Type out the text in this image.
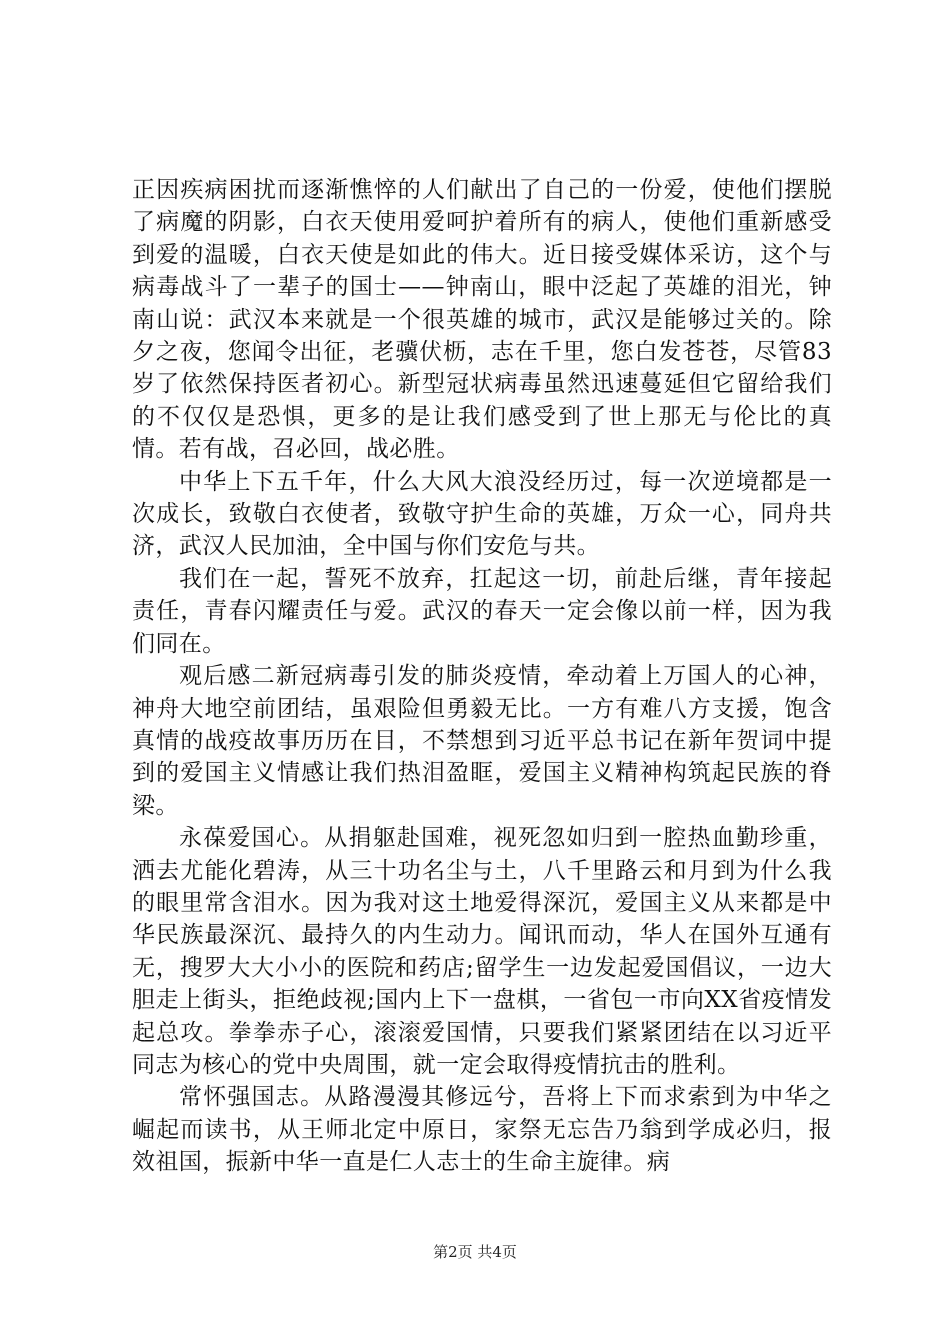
正因疾病困扰而逐渐憔悴的人们献出了自己的一份爱，使他们摆脱了病魔的阴影，白衣天使用爱呵护着所有的病人，使他们重新感受到爱的温暖，白衣天使是如此的伟大。近日接受媒体采访，这个与病毒战斗了一辈子的国士——钟南山，眼中泛起了英雄的泪光，钟南山说：武汉本来就是一个很英雄的城市，武汉是能够过关的。除夕之夜，您闻令出征，老骥伏枥，志在千里，您白发苍苍，尽管83岁了依然保持医者初心。新型冠状病毒虽然迅速蔓延但它留给我们的不仅仅是恐惧，更多的是让我们感受到了世上那无与伦比的真情。若有战，召必回，战必胜。

中华上下五千年，什么大风大浪没经历过，每一次逆境都是一次成长，致敬白衣使者，致敬守护生命的英雄，万众一心，同舟共济，武汉人民加油，全中国与你们安危与共。

我们在一起，誓死不放弃，扛起这一切，前赴后继，青年接起责任，青春闪耀责任与爱。武汉的春天一定会像以前一样，因为我们同在。

观后感二新冠病毒引发的肺炎疫情，牵动着上万国人的心神，神舟大地空前团结，虽艰险但勇毅无比。一方有难八方支援，饱含真情的战疫故事历历在目，不禁想到习近平总书记在新年贺词中提到的爱国主义情感让我们热泪盈眶，爱国主义精神构筑起民族的脊梁。

永葆爱国心。从捐躯赴国难，视死忽如归到一腔热血勤珍重，洒去尤能化碧涛，从三十功名尘与土，八千里路云和月到为什么我的眼里常含泪水。因为我对这土地爱得深沉，爱国主义从来都是中华民族最深沉、最持久的内生动力。闻讯而动，华人在国外互通有无，搜罗大大小小的医院和药店;留学生一边发起爱国倡议，一边大胆走上街头，拒绝歧视;国内上下一盘棋，一省包一市向XX省疫情发起总攻。拳拳赤子心，滚滚爱国情，只要我们紧紧团结在以习近平同志为核心的党中央周围，就一定会取得疫情抗击的胜利。

常怀强国志。从路漫漫其修远兮，吾将上下而求索到为中华之崛起而读书，从王师北定中原日，家祭无忘告乃翁到学成必归，报效祖国，振新中华一直是仁人志士的生命主旋律。病

第2页 共4页
